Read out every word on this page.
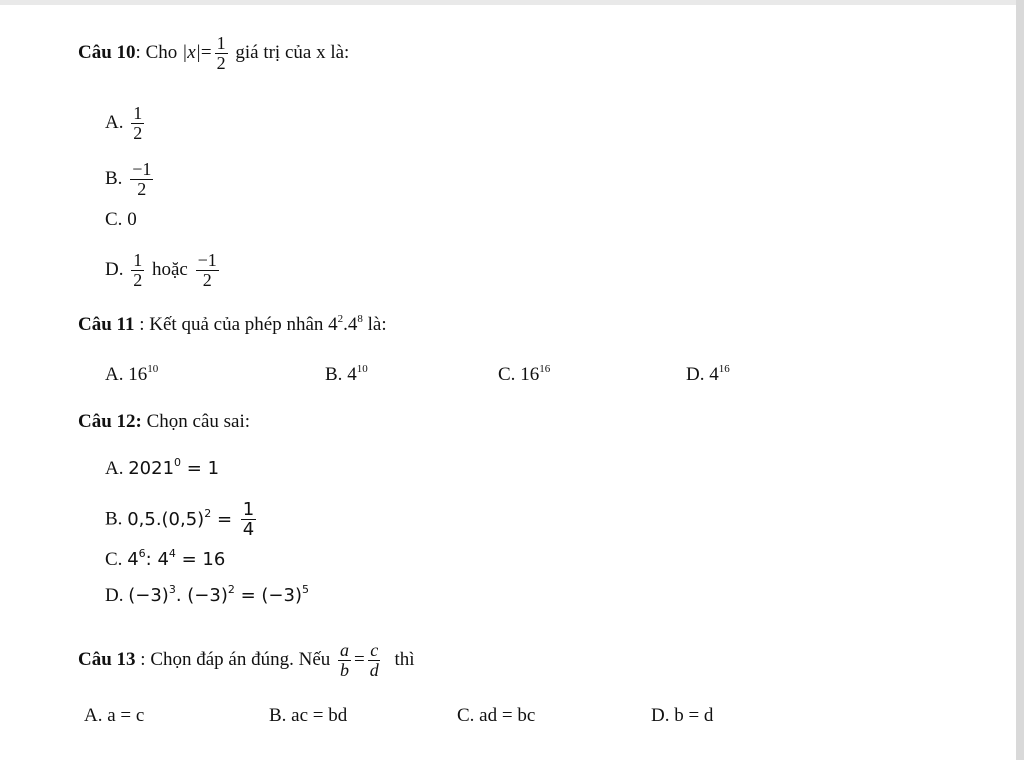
Câu 10: Cho $|x|= \frac{1}{2}$ giá trị của x là:
A. $\frac{1}{2}$
B. $\frac{-1}{2}$
C. 0
D. $\frac{1}{2}$ hoặc $\frac{-1}{2}$
Câu 11 : Kết quả của phép nhân $4^2.4^8$ là:
A. $16^{10}$	B. $4^{10}$	C. $16^{16}$	D. $4^{16}$
Câu 12: Chọn câu sai:
A. $2021^0 = 1$
B. $0,5.(0,5)^2 = \frac{1}{4}$
C. $4^6$: $4^4 = 16$
D. $(-3)^3$. $(-3)^2 = (-3)^5$
Câu 13 : Chọn đáp án đúng. Nếu $\frac{a}{b} = \frac{c}{d}$ thì
A. a = c	B. ac = bd	C. ad = bc	D. b = d
